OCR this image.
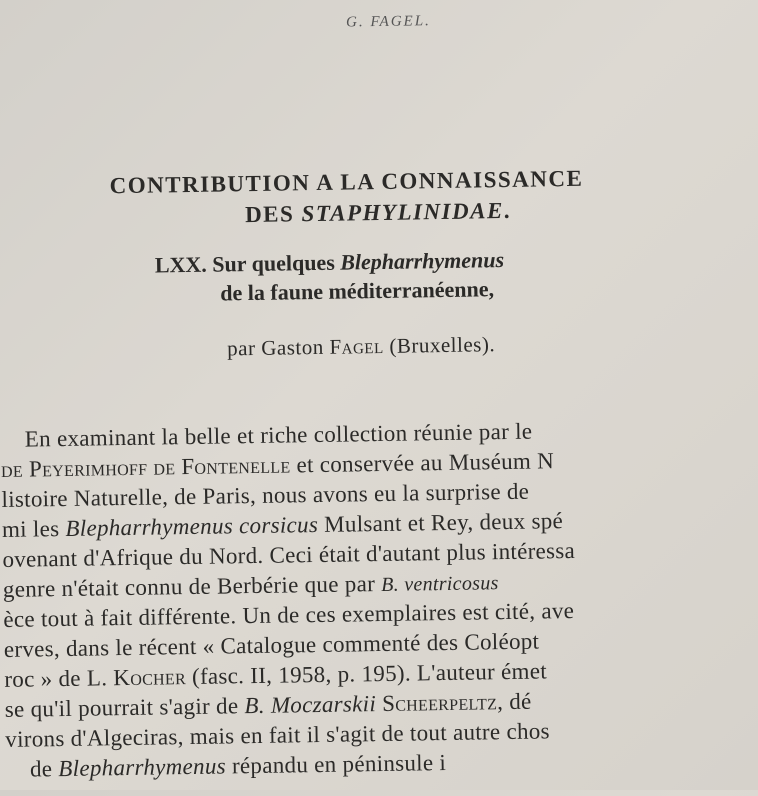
G. FAGEL.
CONTRIBUTION A LA CONNAISSANCE
DES STAPHYLINIDAE.
LXX. Sur quelques Blepharrhymenus
de la faune méditerranéenne,
par Gaston Fagel (Bruxelles).
En examinant la belle et riche collection réunie par le
de Peyerimhoff de Fontenelle et conservée au Muséum N
listoire Naturelle, de Paris, nous avons eu la surprise de
mi les Blepharrhymenus corsicus Mulsant et Rey, deux spé
ovenant d'Afrique du Nord. Ceci était d'autant plus intéressa
genre n'était connu de Berbérie que par B. ventricosus
èce tout à fait différente. Un de ces exemplaires est cité, ave
erves, dans le récent « Catalogue commenté des Coléopt
roc » de L. Kocher (fasc. II, 1958, p. 195). L'auteur émet
se qu'il pourrait s'agir de B. Moczarskii Scheerpeltz, dé
virons d'Algeciras, mais en fait il s'agit de tout autre chos
de Blepharrhymenus répandu en péninsule i
